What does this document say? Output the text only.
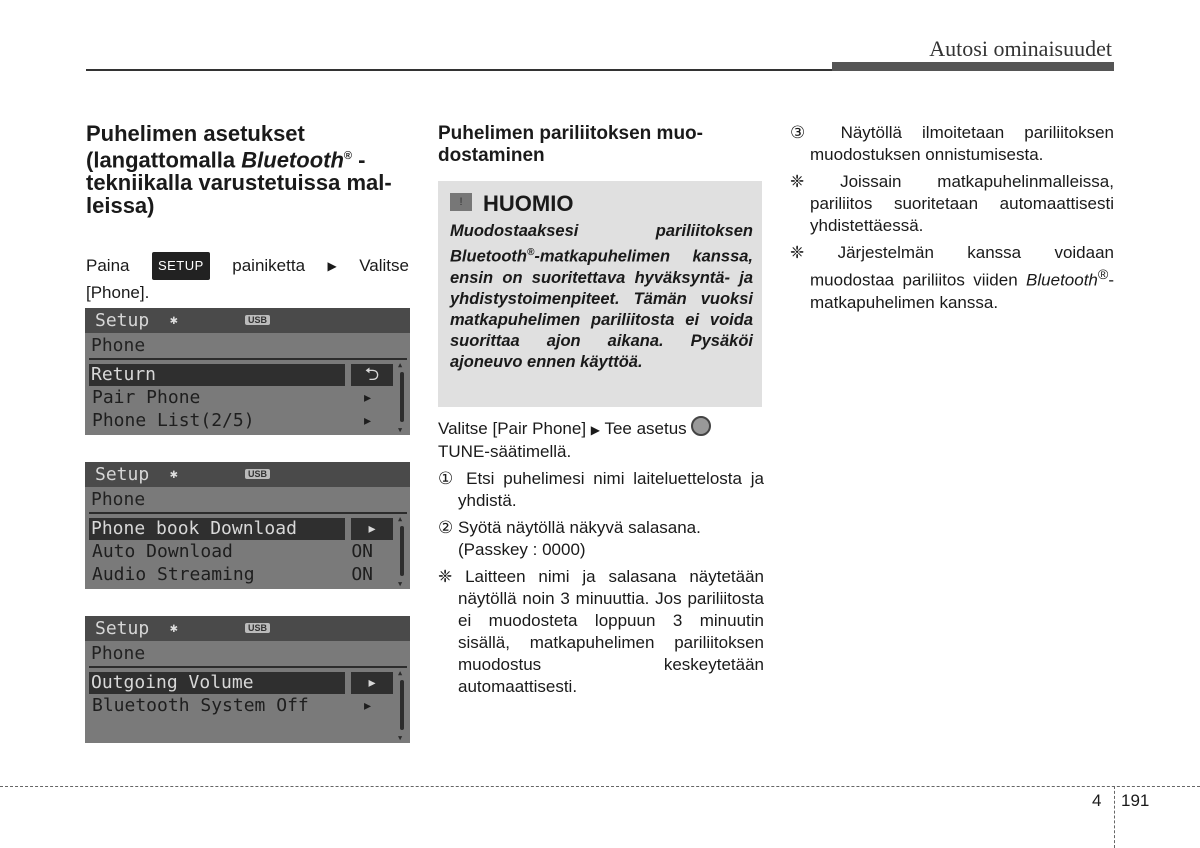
Autosi ominaisuudet
Puhelimen asetukset
(langattomalla Bluetooth® -
tekniikalla varustetuissa mal-
leissa)
Paina	SETUP	painiketta ▶ Valitse
[Phone].
Setup ✱	USB
Phone
Return	⮌
Pair Phone	▸
Phone List(2/5)	▸
▲
▼
Setup ✱	USB
Phone
Phone book Download	▸
Auto Download	ON
Audio Streaming	ON
▲
▼
Setup ✱	USB
Phone
Outgoing Volume	▸
Bluetooth System Off	▸
▲
▼
Puhelimen pariliitoksen muo-
dostaminen
! HUOMIO
Muodostaaksesi pariliitoksen Bluetooth®-matkapuhelimen kanssa, ensin on suoritettava hyväksyntä- ja yhdistystoimenpiteet. Tämän vuoksi matkapuhelimen pariliitosta ei voida suorittaa ajon aikana. Pysäköi ajoneuvo ennen käyttöä.

Valitse [Pair Phone] ▶ Tee asetus
TUNE-säätimellä.

① Etsi puhelimesi nimi laiteluettelosta ja yhdistä.

② Syötä näytöllä näkyvä salasana.
(Passkey : 0000)

❈ Laitteen nimi ja salasana näytetään näytöllä noin 3 minuuttia. Jos pariliitosta ei muodosteta loppuun 3 minuutin sisällä, matkapuhelimen pariliitoksen muodostus keskeytetään automaattisesti.

③ Näytöllä ilmoitetaan pariliitoksen muodostuksen onnistumisesta.

❈ Joissain matkapuhelinmalleissa, pariliitos suoritetaan automaattisesti yhdistettäessä.

❈ Järjestelmän kanssa voidaan muodostaa pariliitos viiden Bluetooth®-matkapuhelimen kanssa.

4 191
